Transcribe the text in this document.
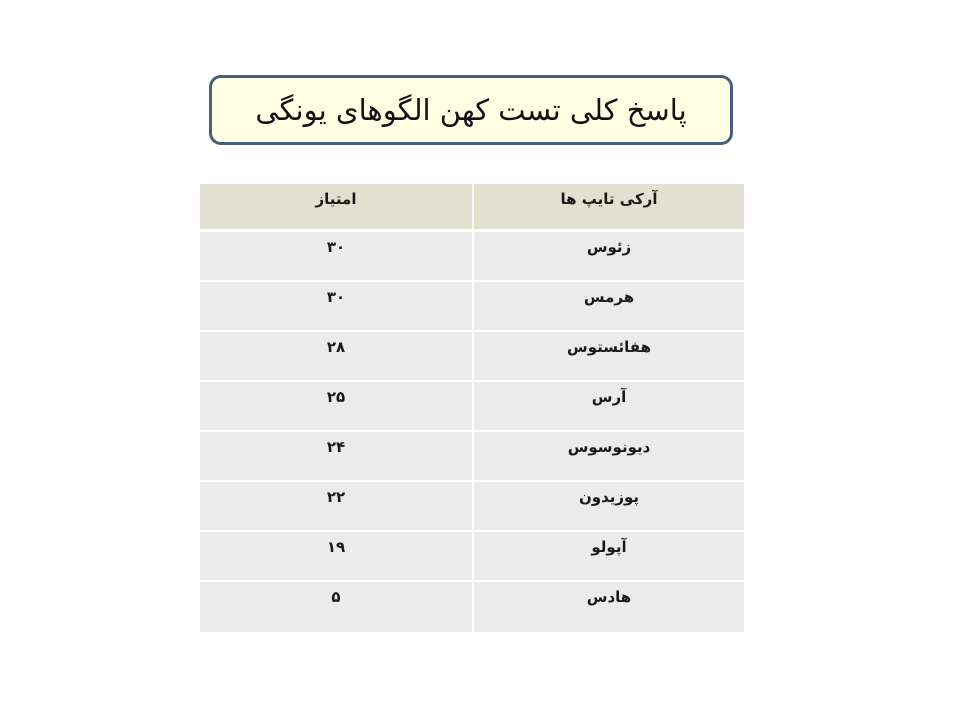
پاسخ کلی تست کهن الگوهای یونگی
آرکی تایپ ها	امتیاز
زئوس	۳۰
هرمس	۳۰
هفائستوس	۲۸
آرس	۲۵
دیونوسوس	۲۴
پوزیدون	۲۲
آپولو	۱۹
هادس	۵
